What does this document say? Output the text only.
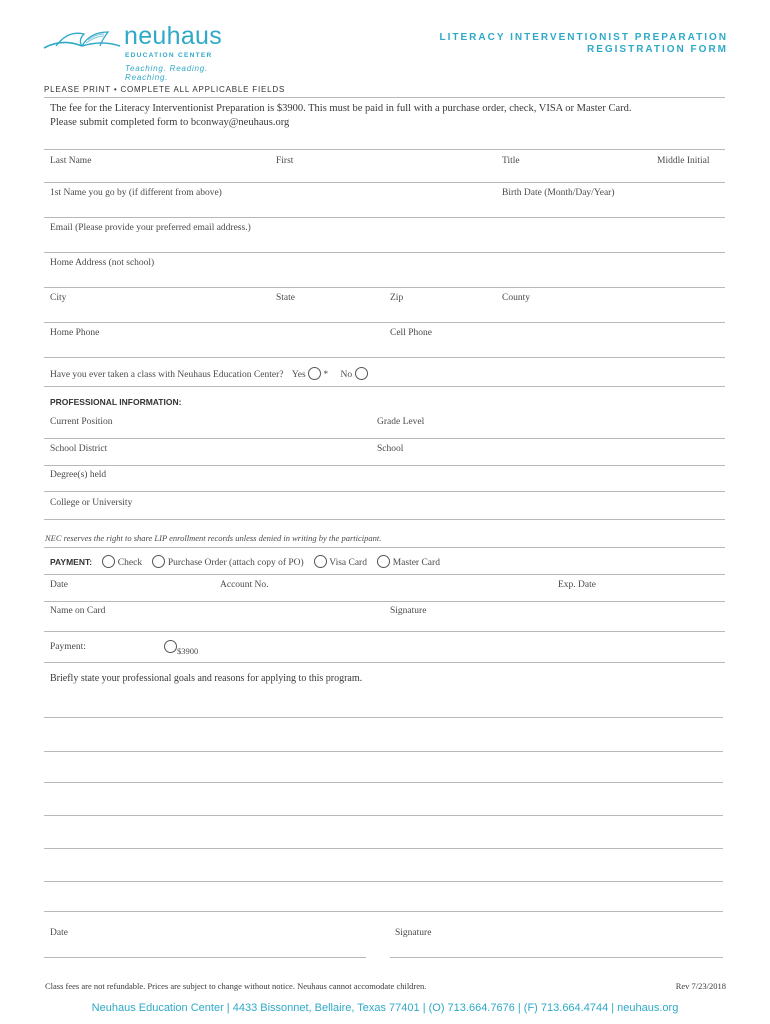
neuhaus
EDUCATION CENTER
Teaching. Reading. Reaching.
LITERACY INTERVENTIONIST PREPARATION
REGISTRATION FORM
PLEASE PRINT • COMPLETE ALL APPLICABLE FIELDS
The fee for the Literacy Interventionist Preparation is $3900. This must be paid in full with a purchase order, check, VISA or Master Card.
Please submit completed form to bconway@neuhaus.org
Last Name	First	Title	Middle Initial
1st Name you go by (if different from above)	Birth Date (Month/Day/Year)
Email (Please provide your preferred email address.)
Home Address (not school)
City	State	Zip	County
Home Phone	Cell Phone
Have you ever taken a class with Neuhaus Education Center? Yes * No
PROFESSIONAL INFORMATION:
Current Position	Grade Level
School District	School
Degree(s) held
College or University
NEC reserves the right to share LIP enrollment records unless denied in writing by the participant.
PAYMENT:	Check	Purchase Order (attach copy of PO)	Visa Card	Master Card
Date	Account No.	Exp. Date
Name on Card	Signature
Payment:	$3900
Briefly state your professional goals and reasons for applying to this program.
Date	Signature
Class fees are not refundable. Prices are subject to change without notice. Neuhaus cannot accomodate children.	Rev 7/23/2018
Neuhaus Education Center | 4433 Bissonnet, Bellaire, Texas 77401 | (O) 713.664.7676 | (F) 713.664.4744 | neuhaus.org
